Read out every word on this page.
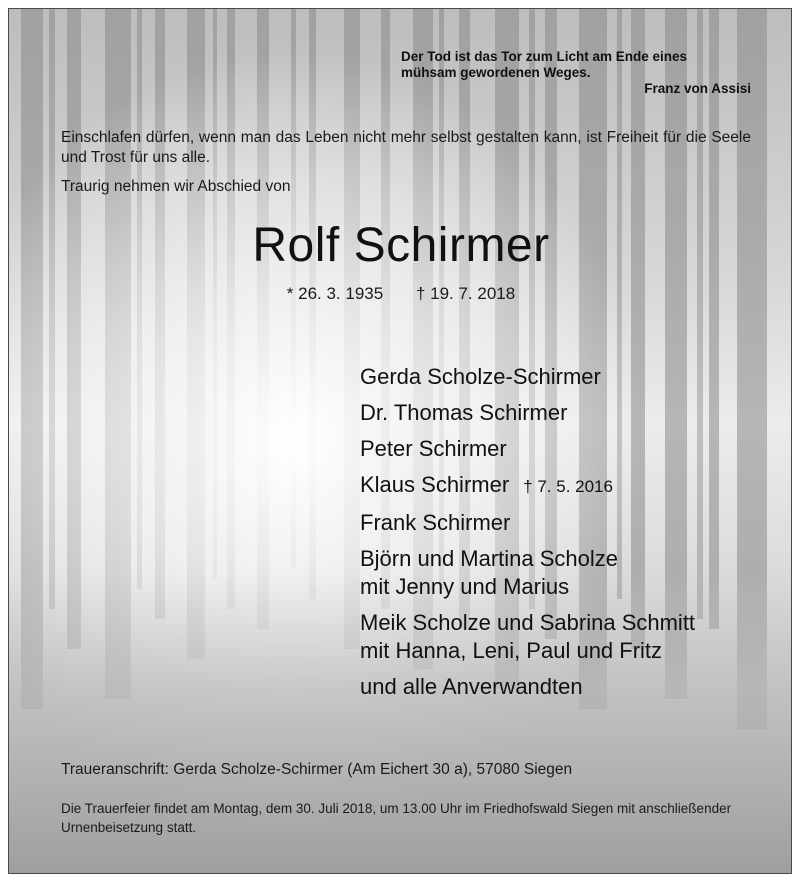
Der Tod ist das Tor zum Licht am Ende eines
mühsam gewordenen Weges.
Franz von Assisi
Einschlafen dürfen, wenn man das Leben nicht mehr selbst gestalten kann, ist Freiheit für die Seele und Trost für uns alle.
Traurig nehmen wir Abschied von
Rolf Schirmer
* 26. 3. 1935 † 19. 7. 2018
Gerda Scholze-Schirmer
Dr. Thomas Schirmer
Peter Schirmer
Klaus Schirmer † 7. 5. 2016
Frank Schirmer
Björn und Martina Scholze
mit Jenny und Marius
Meik Scholze und Sabrina Schmitt
mit Hanna, Leni, Paul und Fritz
und alle Anverwandten
Traueranschrift: Gerda Scholze-Schirmer (Am Eichert 30 a), 57080 Siegen
Die Trauerfeier findet am Montag, dem 30. Juli 2018, um 13.00 Uhr im Friedhofswald Siegen mit anschließender Urnenbeisetzung statt.
